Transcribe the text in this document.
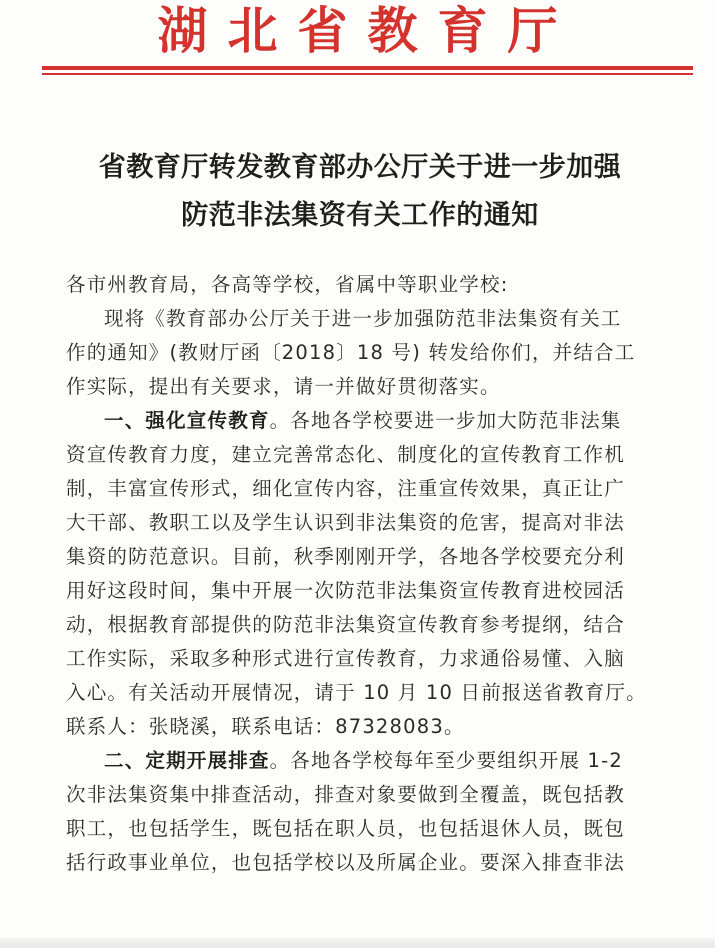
湖北省教育厅
省教育厅转发教育部办公厅关于进一步加强
防范非法集资有关工作的通知
各市州教育局，各高等学校，省属中等职业学校:
现将《教育部办公厅关于进一步加强防范非法集资有关工
作的通知》(教财厅函〔2018〕18 号) 转发给你们，并结合工
作实际，提出有关要求，请一并做好贯彻落实。
一、强化宣传教育。各地各学校要进一步加大防范非法集
资宣传教育力度，建立完善常态化、制度化的宣传教育工作机
制，丰富宣传形式，细化宣传内容，注重宣传效果，真正让广
大干部、教职工以及学生认识到非法集资的危害，提高对非法
集资的防范意识。目前，秋季刚刚开学，各地各学校要充分利
用好这段时间，集中开展一次防范非法集资宣传教育进校园活
动，根据教育部提供的防范非法集资宣传教育参考提纲，结合
工作实际，采取多种形式进行宣传教育，力求通俗易懂、入脑
入心。有关活动开展情况，请于 10 月 10 日前报送省教育厅。
联系人：张晓溪，联系电话：87328083。
二、定期开展排查。各地各学校每年至少要组织开展 1-2
次非法集资集中排查活动，排查对象要做到全覆盖，既包括教
职工，也包括学生，既包括在职人员，也包括退休人员，既包
括行政事业单位，也包括学校以及所属企业。要深入排查非法
